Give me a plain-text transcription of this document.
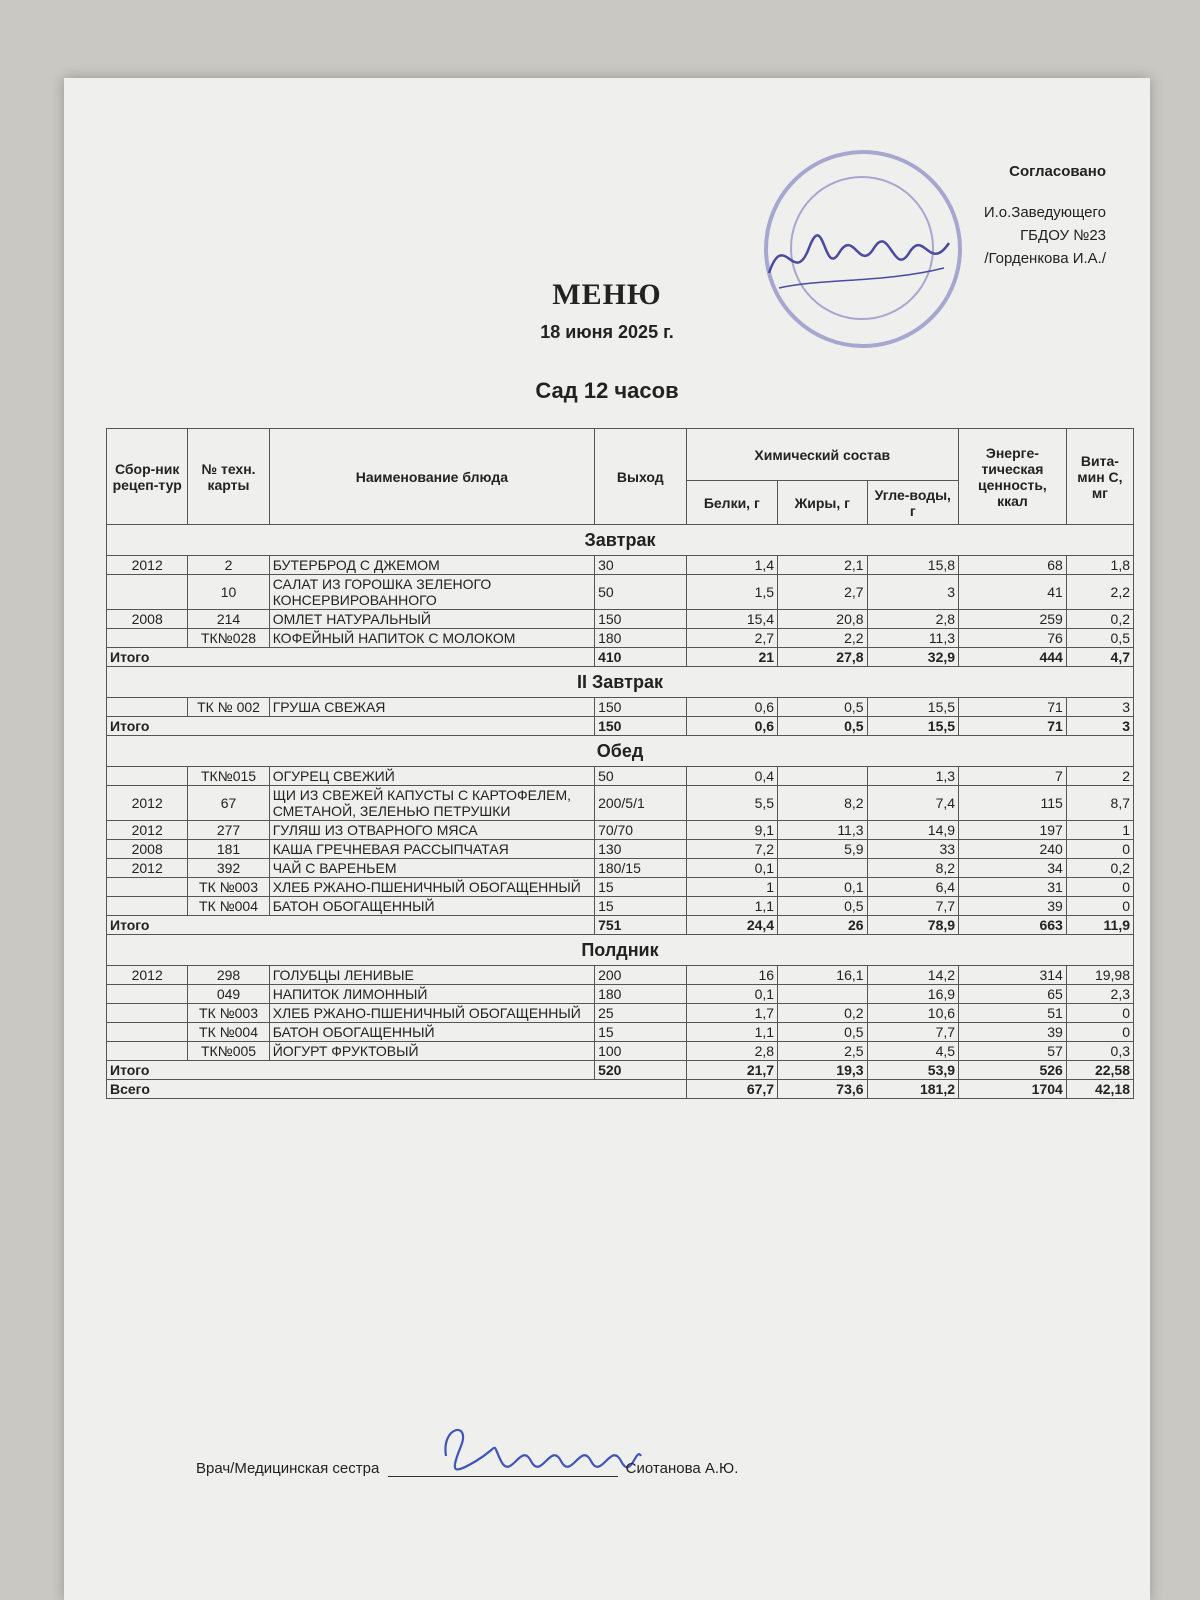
Согласовано
И.о.Заведующего
ГБДОУ №23
/Горденкова И.А./
МЕНЮ
18 июня 2025 г.
Сад 12 часов
Сбор-ник рецеп-тур	№ техн. карты	Наименование блюда	Выход	Химический состав			Энерге-тическая ценность, ккал	Вита-мин С, мг
				Белки, г	Жиры, г	Угле-воды, г		
Завтрак								
2012	2	БУТЕРБРОД С ДЖЕМОМ	30	1,4	2,1	15,8	68	1,8
	10	САЛАТ ИЗ ГОРОШКА ЗЕЛЕНОГО КОНСЕРВИРОВАННОГО	50	1,5	2,7	3	41	2,2
2008	214	ОМЛЕТ НАТУРАЛЬНЫЙ	150	15,4	20,8	2,8	259	0,2
	ТК№028	КОФЕЙНЫЙ НАПИТОК С МОЛОКОМ	180	2,7	2,2	11,3	76	0,5
Итого			410	21	27,8	32,9	444	4,7
II Завтрак								
	ТК № 002	ГРУША СВЕЖАЯ	150	0,6	0,5	15,5	71	3
Итого			150	0,6	0,5	15,5	71	3
Обед								
	ТК№015	ОГУРЕЦ СВЕЖИЙ	50	0,4		1,3	7	2
2012	67	ЩИ ИЗ СВЕЖЕЙ КАПУСТЫ С КАРТОФЕЛЕМ, СМЕТАНОЙ, ЗЕЛЕНЬЮ ПЕТРУШКИ	200/5/1	5,5	8,2	7,4	115	8,7
2012	277	ГУЛЯШ ИЗ ОТВАРНОГО МЯСА	70/70	9,1	11,3	14,9	197	1
2008	181	КАША ГРЕЧНЕВАЯ РАССЫПЧАТАЯ	130	7,2	5,9	33	240	0
2012	392	ЧАЙ С ВАРЕНЬЕМ	180/15	0,1		8,2	34	0,2
	ТК №003	ХЛЕБ РЖАНО-ПШЕНИЧНЫЙ ОБОГАЩЕННЫЙ	15	1	0,1	6,4	31	0
	ТК №004	БАТОН ОБОГАЩЕННЫЙ	15	1,1	0,5	7,7	39	0
Итого			751	24,4	26	78,9	663	11,9
Полдник								
2012	298	ГОЛУБЦЫ ЛЕНИВЫЕ	200	16	16,1	14,2	314	19,98
	049	НАПИТОК ЛИМОННЫЙ	180	0,1		16,9	65	2,3
	ТК №003	ХЛЕБ РЖАНО-ПШЕНИЧНЫЙ ОБОГАЩЕННЫЙ	25	1,7	0,2	10,6	51	0
	ТК №004	БАТОН ОБОГАЩЕННЫЙ	15	1,1	0,5	7,7	39	0
	ТК№005	ЙОГУРТ ФРУКТОВЫЙ	100	2,8	2,5	4,5	57	0,3
Итого			520	21,7	19,3	53,9	526	22,58
Всего				67,7	73,6	181,2	1704	42,18
Врач/Медицинская сестра	Сиотанова А.Ю.
